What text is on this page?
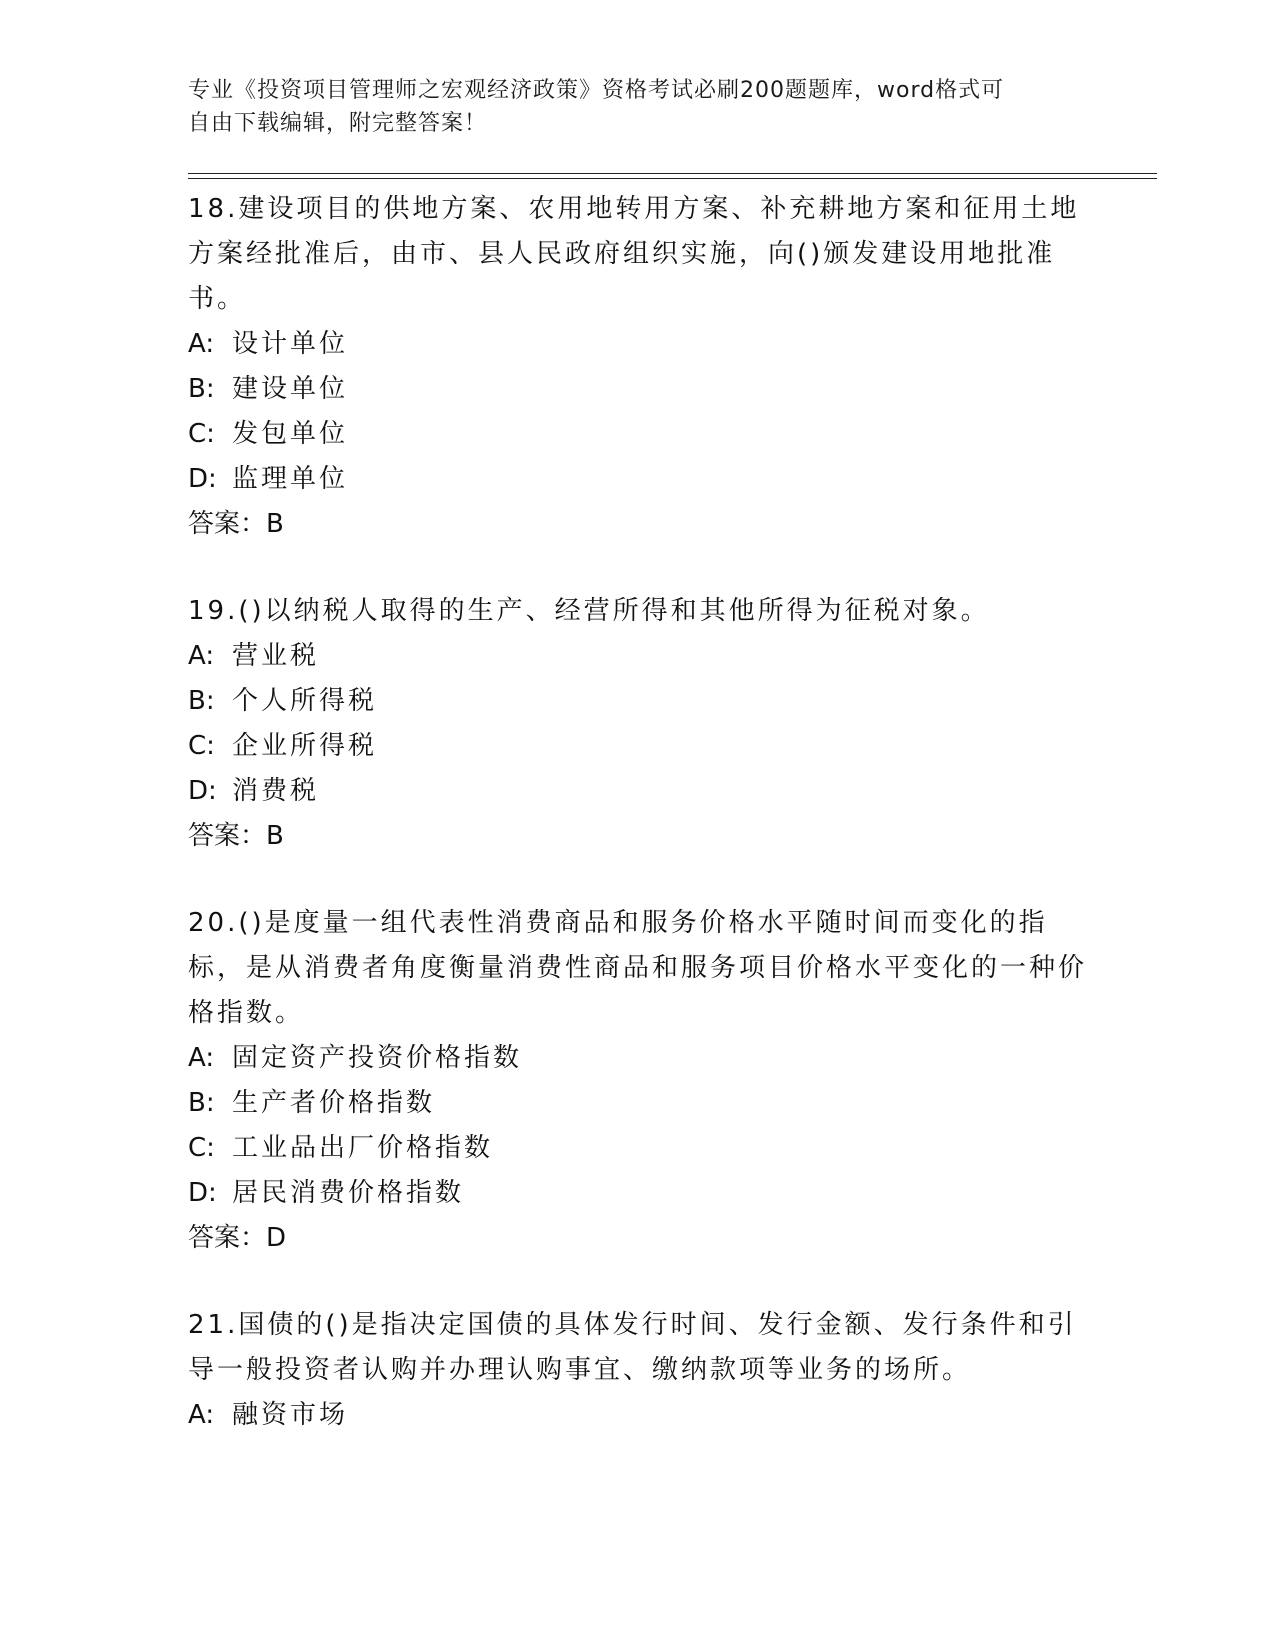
专业《投资项目管理师之宏观经济政策》资格考试必刷200题题库，word格式可
自由下载编辑，附完整答案！

18.建设项目的供地方案、农用地转用方案、补充耕地方案和征用土地方案经批准后，由市、县人民政府组织实施，向()颁发建设用地批准书。

A: 设计单位

B: 建设单位

C: 发包单位

D: 监理单位

答案：B

19.()以纳税人取得的生产、经营所得和其他所得为征税对象。

A: 营业税

B: 个人所得税

C: 企业所得税

D: 消费税

答案：B

20.()是度量一组代表性消费商品和服务价格水平随时间而变化的指标，是从消费者角度衡量消费性商品和服务项目价格水平变化的一种价格指数。

A: 固定资产投资价格指数

B: 生产者价格指数

C: 工业品出厂价格指数

D: 居民消费价格指数

答案：D

21.国债的()是指决定国债的具体发行时间、发行金额、发行条件和引导一般投资者认购并办理认购事宜、缴纳款项等业务的场所。

A: 融资市场
